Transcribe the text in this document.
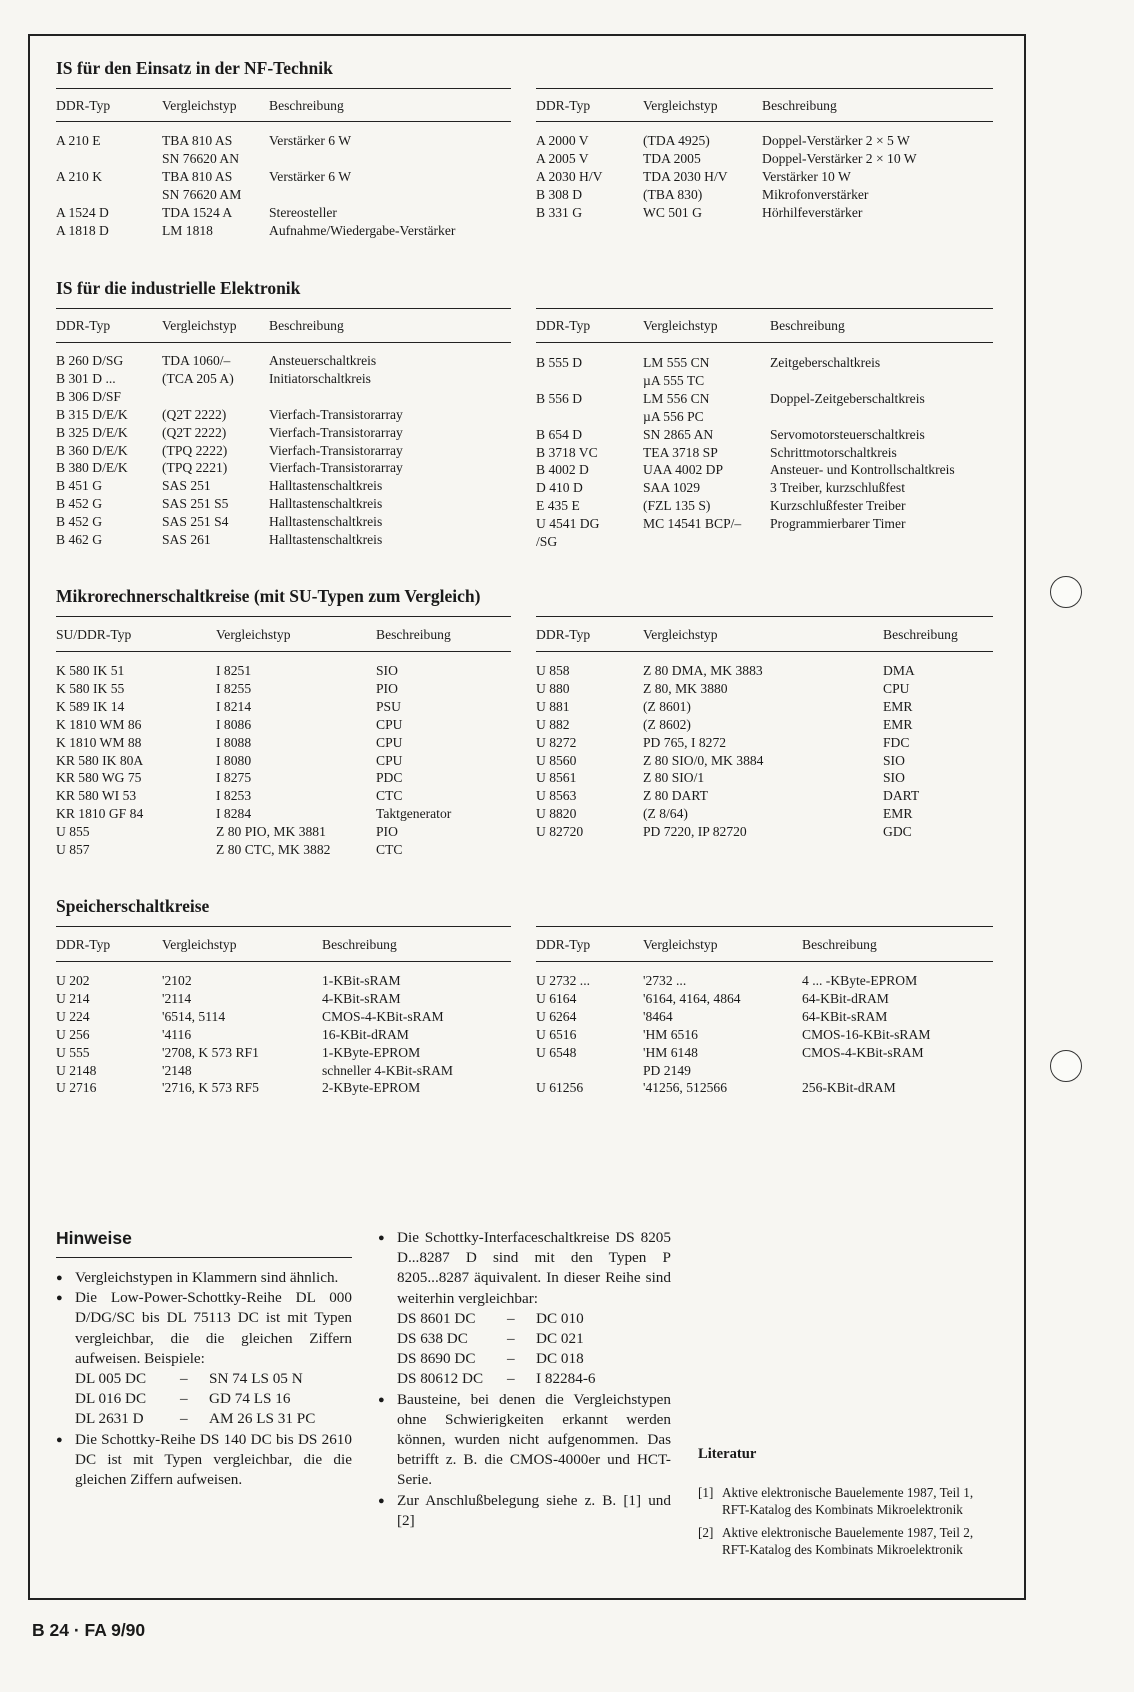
IS für den Einsatz in der NF-Technik
DDR-Typ	Vergleichstyp	Beschreibung
A 210 E	TBA 810 AS	Verstärker 6 W
SN 76620 AN
A 210 K	TBA 810 AS	Verstärker 6 W
SN 76620 AM
A 1524 D	TDA 1524 A	Stereosteller
A 1818 D	LM 1818	Aufnahme/Wiedergabe-Verstärker
DDR-Typ	Vergleichstyp	Beschreibung
A 2000 V	(TDA 4925)	Doppel-Verstärker 2 × 5 W
A 2005 V	TDA 2005	Doppel-Verstärker 2 × 10 W
A 2030 H/V	TDA 2030 H/V	Verstärker 10 W
B 308 D	(TBA 830)	Mikrofonverstärker
B 331 G	WC 501 G	Hörhilfeverstärker
IS für die industrielle Elektronik
DDR-Typ	Vergleichstyp	Beschreibung
B 260 D/SG	TDA 1060/–	Ansteuerschaltkreis
B 301 D ...	(TCA 205 A)	Initiatorschaltkreis
B 306 D/SF
B 315 D/E/K	(Q2T 2222)	Vierfach-Transistorarray
B 325 D/E/K	(Q2T 2222)	Vierfach-Transistorarray
B 360 D/E/K	(TPQ 2222)	Vierfach-Transistorarray
B 380 D/E/K	(TPQ 2221)	Vierfach-Transistorarray
B 451 G	SAS 251	Halltastenschaltkreis
B 452 G	SAS 251 S5	Halltastenschaltkreis
B 452 G	SAS 251 S4	Halltastenschaltkreis
B 462 G	SAS 261	Halltastenschaltkreis
DDR-Typ	Vergleichstyp	Beschreibung
B 555 D	LM 555 CN	Zeitgeberschaltkreis
µA 555 TC
B 556 D	LM 556 CN	Doppel-Zeitgeberschaltkreis
µA 556 PC
B 654 D	SN 2865 AN	Servomotorsteuerschaltkreis
B 3718 VC	TEA 3718 SP	Schrittmotorschaltkreis
B 4002 D	UAA 4002 DP	Ansteuer- und Kontrollschaltkreis
D 410 D	SAA 1029	3 Treiber, kurzschlußfest
E 435 E	(FZL 135 S)	Kurzschlußfester Treiber
U 4541 DG	MC 14541 BCP/–	Programmierbarer Timer
/SG
Mikrorechnerschaltkreise (mit SU-Typen zum Vergleich)
SU/DDR-Typ	Vergleichstyp	Beschreibung
K 580 IK 51	I 8251	SIO
K 580 IK 55	I 8255	PIO
K 589 IK 14	I 8214	PSU
K 1810 WM 86	I 8086	CPU
K 1810 WM 88	I 8088	CPU
KR 580 IK 80A	I 8080	CPU
KR 580 WG 75	I 8275	PDC
KR 580 WI 53	I 8253	CTC
KR 1810 GF 84	I 8284	Taktgenerator
U 855	Z 80 PIO, MK 3881	PIO
U 857	Z 80 CTC, MK 3882	CTC
DDR-Typ	Vergleichstyp	Beschreibung
U 858	Z 80 DMA, MK 3883	DMA
U 880	Z 80, MK 3880	CPU
U 881	(Z 8601)	EMR
U 882	(Z 8602)	EMR
U 8272	PD 765, I 8272	FDC
U 8560	Z 80 SIO/0, MK 3884	SIO
U 8561	Z 80 SIO/1	SIO
U 8563	Z 80 DART	DART
U 8820	(Z 8/64)	EMR
U 82720	PD 7220, IP 82720	GDC
Speicherschaltkreise
DDR-Typ	Vergleichstyp	Beschreibung
U 202	'2102	1-KBit-sRAM
U 214	'2114	4-KBit-sRAM
U 224	'6514, 5114	CMOS-4-KBit-sRAM
U 256	'4116	16-KBit-dRAM
U 555	'2708, K 573 RF1	1-KByte-EPROM
U 2148	'2148	schneller 4-KBit-sRAM
U 2716	'2716, K 573 RF5	2-KByte-EPROM
DDR-Typ	Vergleichstyp	Beschreibung
U 2732 ...	'2732 ...	4 ... -KByte-EPROM
U 6164	'6164, 4164, 4864	64-KBit-dRAM
U 6264	'8464	64-KBit-sRAM
U 6516	'HM 6516	CMOS-16-KBit-sRAM
U 6548	'HM 6148	CMOS-4-KBit-sRAM
PD 2149
U 61256	'41256, 512566	256-KBit-dRAM
Hinweise
● Vergleichstypen in Klammern sind ähnlich.
● Die Low-Power-Schottky-Reihe DL 000 D/DG/SC bis DL 75113 DC ist mit Typen vergleichbar, die die gleichen Ziffern aufweisen. Beispiele:
DL 005 DC	–	SN 74 LS 05 N
DL 016 DC	–	GD 74 LS 16
DL 2631 D	–	AM 26 LS 31 PC
● Die Schottky-Reihe DS 140 DC bis DS 2610 DC ist mit Typen vergleichbar, die die gleichen Ziffern aufweisen.
● Die Schottky-Interfaceschaltkreise DS 8205 D...8287 D sind mit den Typen P 8205...8287 äquivalent. In dieser Reihe sind weiterhin vergleichbar:
DS 8601 DC	–	DC 010
DS 638 DC	–	DC 021
DS 8690 DC	–	DC 018
DS 80612 DC	–	I 82284-6
● Bausteine, bei denen die Vergleichstypen ohne Schwierigkeiten erkannt werden können, wurden nicht aufgenommen. Das betrifft z. B. die CMOS-4000er und HCT-Serie.
● Zur Anschlußbelegung siehe z. B. [1] und [2]
Literatur
[1] Aktive elektronische Bauelemente 1987, Teil 1, RFT-Katalog des Kombinats Mikroelektronik
[2] Aktive elektronische Bauelemente 1987, Teil 2, RFT-Katalog des Kombinats Mikroelektronik
B 24 · FA 9/90
